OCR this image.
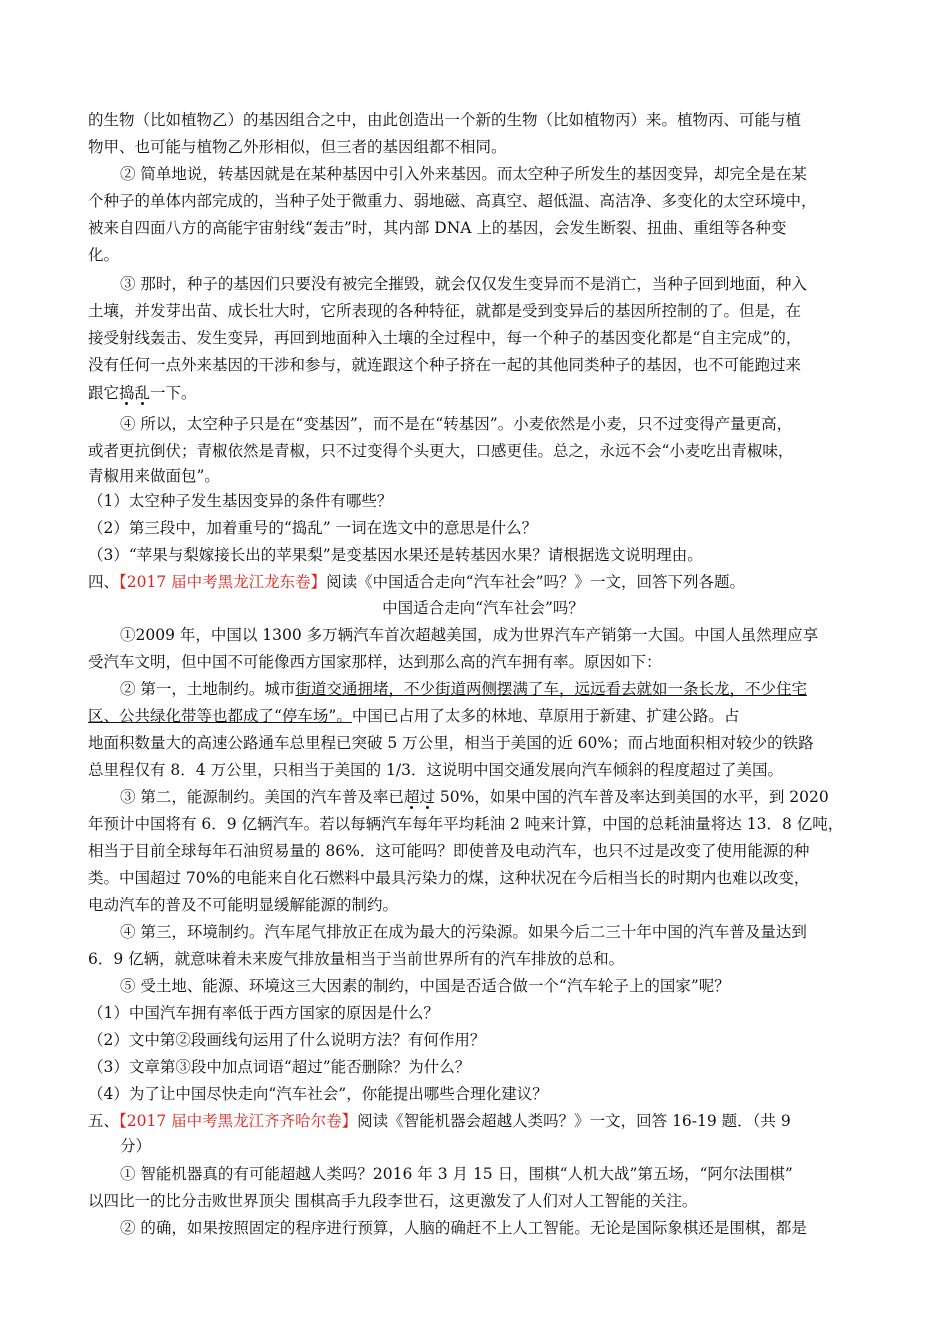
的生物（比如植物乙）的基因组合之中，由此创造出一个新的生物（比如植物丙）来。植物丙、可能与植
物甲、也可能与植物乙外形相似，但三者的基因组都不相同。
② 简单地说，转基因就是在某种基因中引入外来基因。而太空种子所发生的基因变异，却完全是在某
个种子的单体内部完成的，当种子处于微重力、弱地磁、高真空、超低温、高洁净、多变化的太空环境中，
被来自四面八方的高能宇宙射线“轰击”时，其内部 DNA 上的基因，会发生断裂、扭曲、重组等各种变
化。
③ 那时，种子的基因们只要没有被完全摧毁，就会仅仅发生变异而不是消亡，当种子回到地面，种入
土壤，并发芽出苗、成长壮大时，它所表现的各种特征，就都是受到变异后的基因所控制的了。但是，在
接受射线轰击、发生变异，再回到地面种入土壤的全过程中，每一个种子的基因变化都是“自主完成”的，
没有任何一点外来基因的干涉和参与，就连跟这个种子挤在一起的其他同类种子的基因，也不可能跑过来
跟它捣乱一下。
④ 所以，太空种子只是在“变基因”，而不是在“转基因”。小麦依然是小麦，只不过变得产量更高，
或者更抗倒伏；青椒依然是青椒，只不过变得个头更大，口感更佳。总之，永远不会“小麦吃出青椒味，
青椒用来做面包”。
（1）太空种子发生基因变异的条件有哪些？
（2）第三段中，加着重号的“捣乱” 一词在选文中的意思是什么？
（3）“苹果与梨嫁接长出的苹果梨”是变基因水果还是转基因水果？请根据选文说明理由。
四、【2017 届中考黑龙江龙东卷】阅读《中国适合走向“汽车社会”吗？》一文，回答下列各题。
中国适合走向“汽车社会”吗？
①2009 年，中国以 1300 多万辆汽车首次超越美国，成为世界汽车产销第一大国。中国人虽然理应享
受汽车文明，但中国不可能像西方国家那样，达到那么高的汽车拥有率。原因如下：
② 第一，土地制约。城市街道交通拥堵，不少街道两侧摆满了车，远远看去就如一条长龙，不少住宅
区、公共绿化带等也都成了“停车场”。中国已占用了太多的林地、草原用于新建、扩建公路。占
地面积数量大的高速公路通车总里程已突破 5 万公里，相当于美国的近 60%；而占地面积相对较少的铁路
总里程仅有 8．4 万公里，只相当于美国的 1/3．这说明中国交通发展向汽车倾斜的程度超过了美国。
③ 第二，能源制约。美国的汽车普及率已超过 50%，如果中国的汽车普及率达到美国的水平，到 2020
年预计中国将有 6．9 亿辆汽车。若以每辆汽车每年平均耗油 2 吨来计算，中国的总耗油量将达 13．8 亿吨，
相当于目前全球每年石油贸易量的 86%．这可能吗？即使普及电动汽车，也只不过是改变了使用能源的种
类。中国超过 70%的电能来自化石燃料中最具污染力的煤，这种状况在今后相当长的时期内也难以改变，
电动汽车的普及不可能明显缓解能源的制约。
④ 第三，环境制约。汽车尾气排放正在成为最大的污染源。如果今后二三十年中国的汽车普及量达到
6．9 亿辆，就意味着未来废气排放量相当于当前世界所有的汽车排放的总和。
⑤ 受土地、能源、环境这三大因素的制约，中国是否适合做一个“汽车轮子上的国家”呢？
（1）中国汽车拥有率低于西方国家的原因是什么？
（2）文中第②段画线句运用了什么说明方法？有何作用？
（3）文章第③段中加点词语“超过”能否删除？为什么？
（4）为了让中国尽快走向“汽车社会”，你能提出哪些合理化建议？
五、【2017 届中考黑龙江齐齐哈尔卷】阅读《智能机器会超越人类吗？》一文，回答 16-19 题．（共 9
分）
① 智能机器真的有可能超越人类吗？2016 年 3 月 15 日，围棋“人机大战”第五场，“阿尔法围棋”
以四比一的比分击败世界顶尖 围棋高手九段李世石，这更激发了人们对人工智能的关注。
② 的确，如果按照固定的程序进行预算，人脑的确赶不上人工智能。无论是国际象棋还是围棋，都是
